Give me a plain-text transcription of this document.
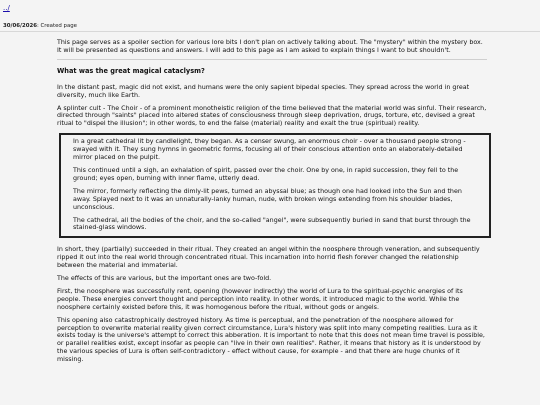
../
30/06/2026: Created page

This page serves as a spoiler section for various lore bits I don't plan on actively talking about. The "mystery" within the mystery box. It will be presented as questions and answers. I will add to this page as I am asked to explain things I want to but shouldn't.

What was the great magical cataclysm?

In the distant past, magic did not exist, and humans were the only sapient bipedal species. They spread across the world in great diversity, much like Earth.

A splinter cult - The Choir - of a prominent monotheistic religion of the time believed that the material world was sinful. Their research, directed through "saints" placed into altered states of consciousness through sleep deprivation, drugs, torture, etc, devised a great ritual to "dispel the illusion"; in other words, to end the false (material) reality and exalt the true (spiritual) reality.

In a great cathedral lit by candlelight, they began. As a censer swung, an enormous choir - over a thousand people strong - swayed with it. They sung hymns in geometric forms, focusing all of their conscious attention onto an elaborately-detailed mirror placed on the pulpit.

This continued until a sigh, an exhalation of spirit, passed over the choir. One by one, in rapid succession, they fell to the ground; eyes open, burning with inner flame, utterly dead.

The mirror, formerly reflecting the dimly-lit pews, turned an abyssal blue; as though one had looked into the Sun and then away. Splayed next to it was an unnaturally-lanky human, nude, with broken wings extending from his shoulder blades, unconscious.

The cathedral, all the bodies of the choir, and the so-called "angel", were subsequently buried in sand that burst through the stained-glass windows.

In short, they (partially) succeeded in their ritual. They created an angel within the noosphere through veneration, and subsequently ripped it out into the real world through concentrated ritual. This incarnation into horrid flesh forever changed the relationship between the material and immaterial.

The effects of this are various, but the important ones are two-fold.

First, the noosphere was successfully rent, opening (however indirectly) the world of Lura to the spiritual-psychic energies of its people. These energies convert thought and perception into reality. In other words, it introduced magic to the world. While the noosphere certainly existed before this, it was homogenous before the ritual, without gods or angels.

This opening also catastrophically destroyed history. As time is perceptual, and the penetration of the noosphere allowed for perception to overwrite material reality given correct circumstance, Lura's history was split into many competing realities. Lura as it exists today is the universe's attempt to correct this abberation. It is important to note that this does not mean time travel is possible, or parallel realities exist, except insofar as people can "live in their own realities". Rather, it means that history as it is understood by the various species of Lura is often self-contradictory - effect without cause, for example - and that there are huge chunks of it missing.
